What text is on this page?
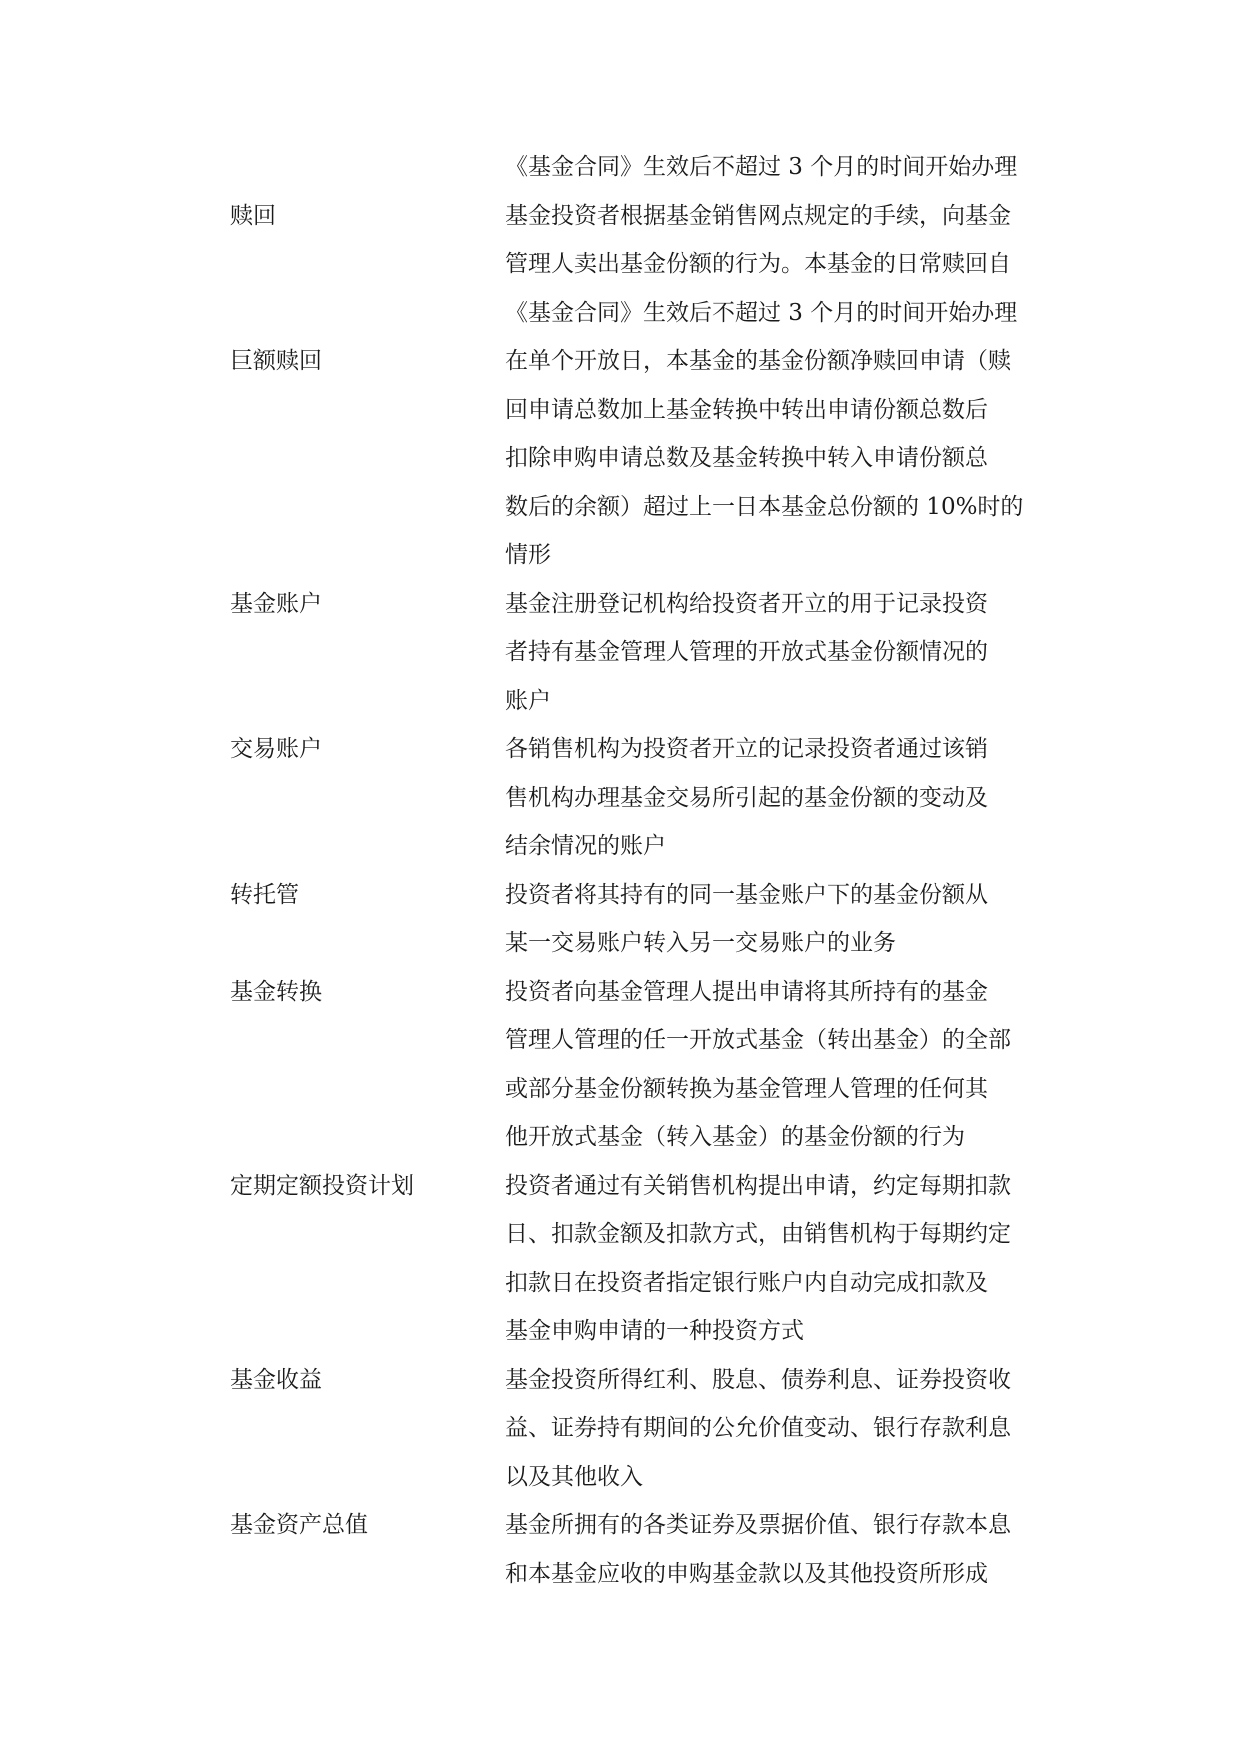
《基金合同》生效后不超过 3 个月的时间开始办理
赎回	基金投资者根据基金销售网点规定的手续，向基金
管理人卖出基金份额的行为。本基金的日常赎回自
《基金合同》生效后不超过 3 个月的时间开始办理
巨额赎回	在单个开放日，本基金的基金份额净赎回申请（赎
回申请总数加上基金转换中转出申请份额总数后
扣除申购申请总数及基金转换中转入申请份额总
数后的余额）超过上一日本基金总份额的 10%时的
情形
基金账户	基金注册登记机构给投资者开立的用于记录投资
者持有基金管理人管理的开放式基金份额情况的
账户
交易账户	各销售机构为投资者开立的记录投资者通过该销
售机构办理基金交易所引起的基金份额的变动及
结余情况的账户
转托管	投资者将其持有的同一基金账户下的基金份额从
某一交易账户转入另一交易账户的业务
基金转换	投资者向基金管理人提出申请将其所持有的基金
管理人管理的任一开放式基金（转出基金）的全部
或部分基金份额转换为基金管理人管理的任何其
他开放式基金（转入基金）的基金份额的行为
定期定额投资计划	投资者通过有关销售机构提出申请，约定每期扣款
日、扣款金额及扣款方式，由销售机构于每期约定
扣款日在投资者指定银行账户内自动完成扣款及
基金申购申请的一种投资方式
基金收益	基金投资所得红利、股息、债券利息、证券投资收
益、证券持有期间的公允价值变动、银行存款利息
以及其他收入
基金资产总值	基金所拥有的各类证券及票据价值、银行存款本息
和本基金应收的申购基金款以及其他投资所形成
